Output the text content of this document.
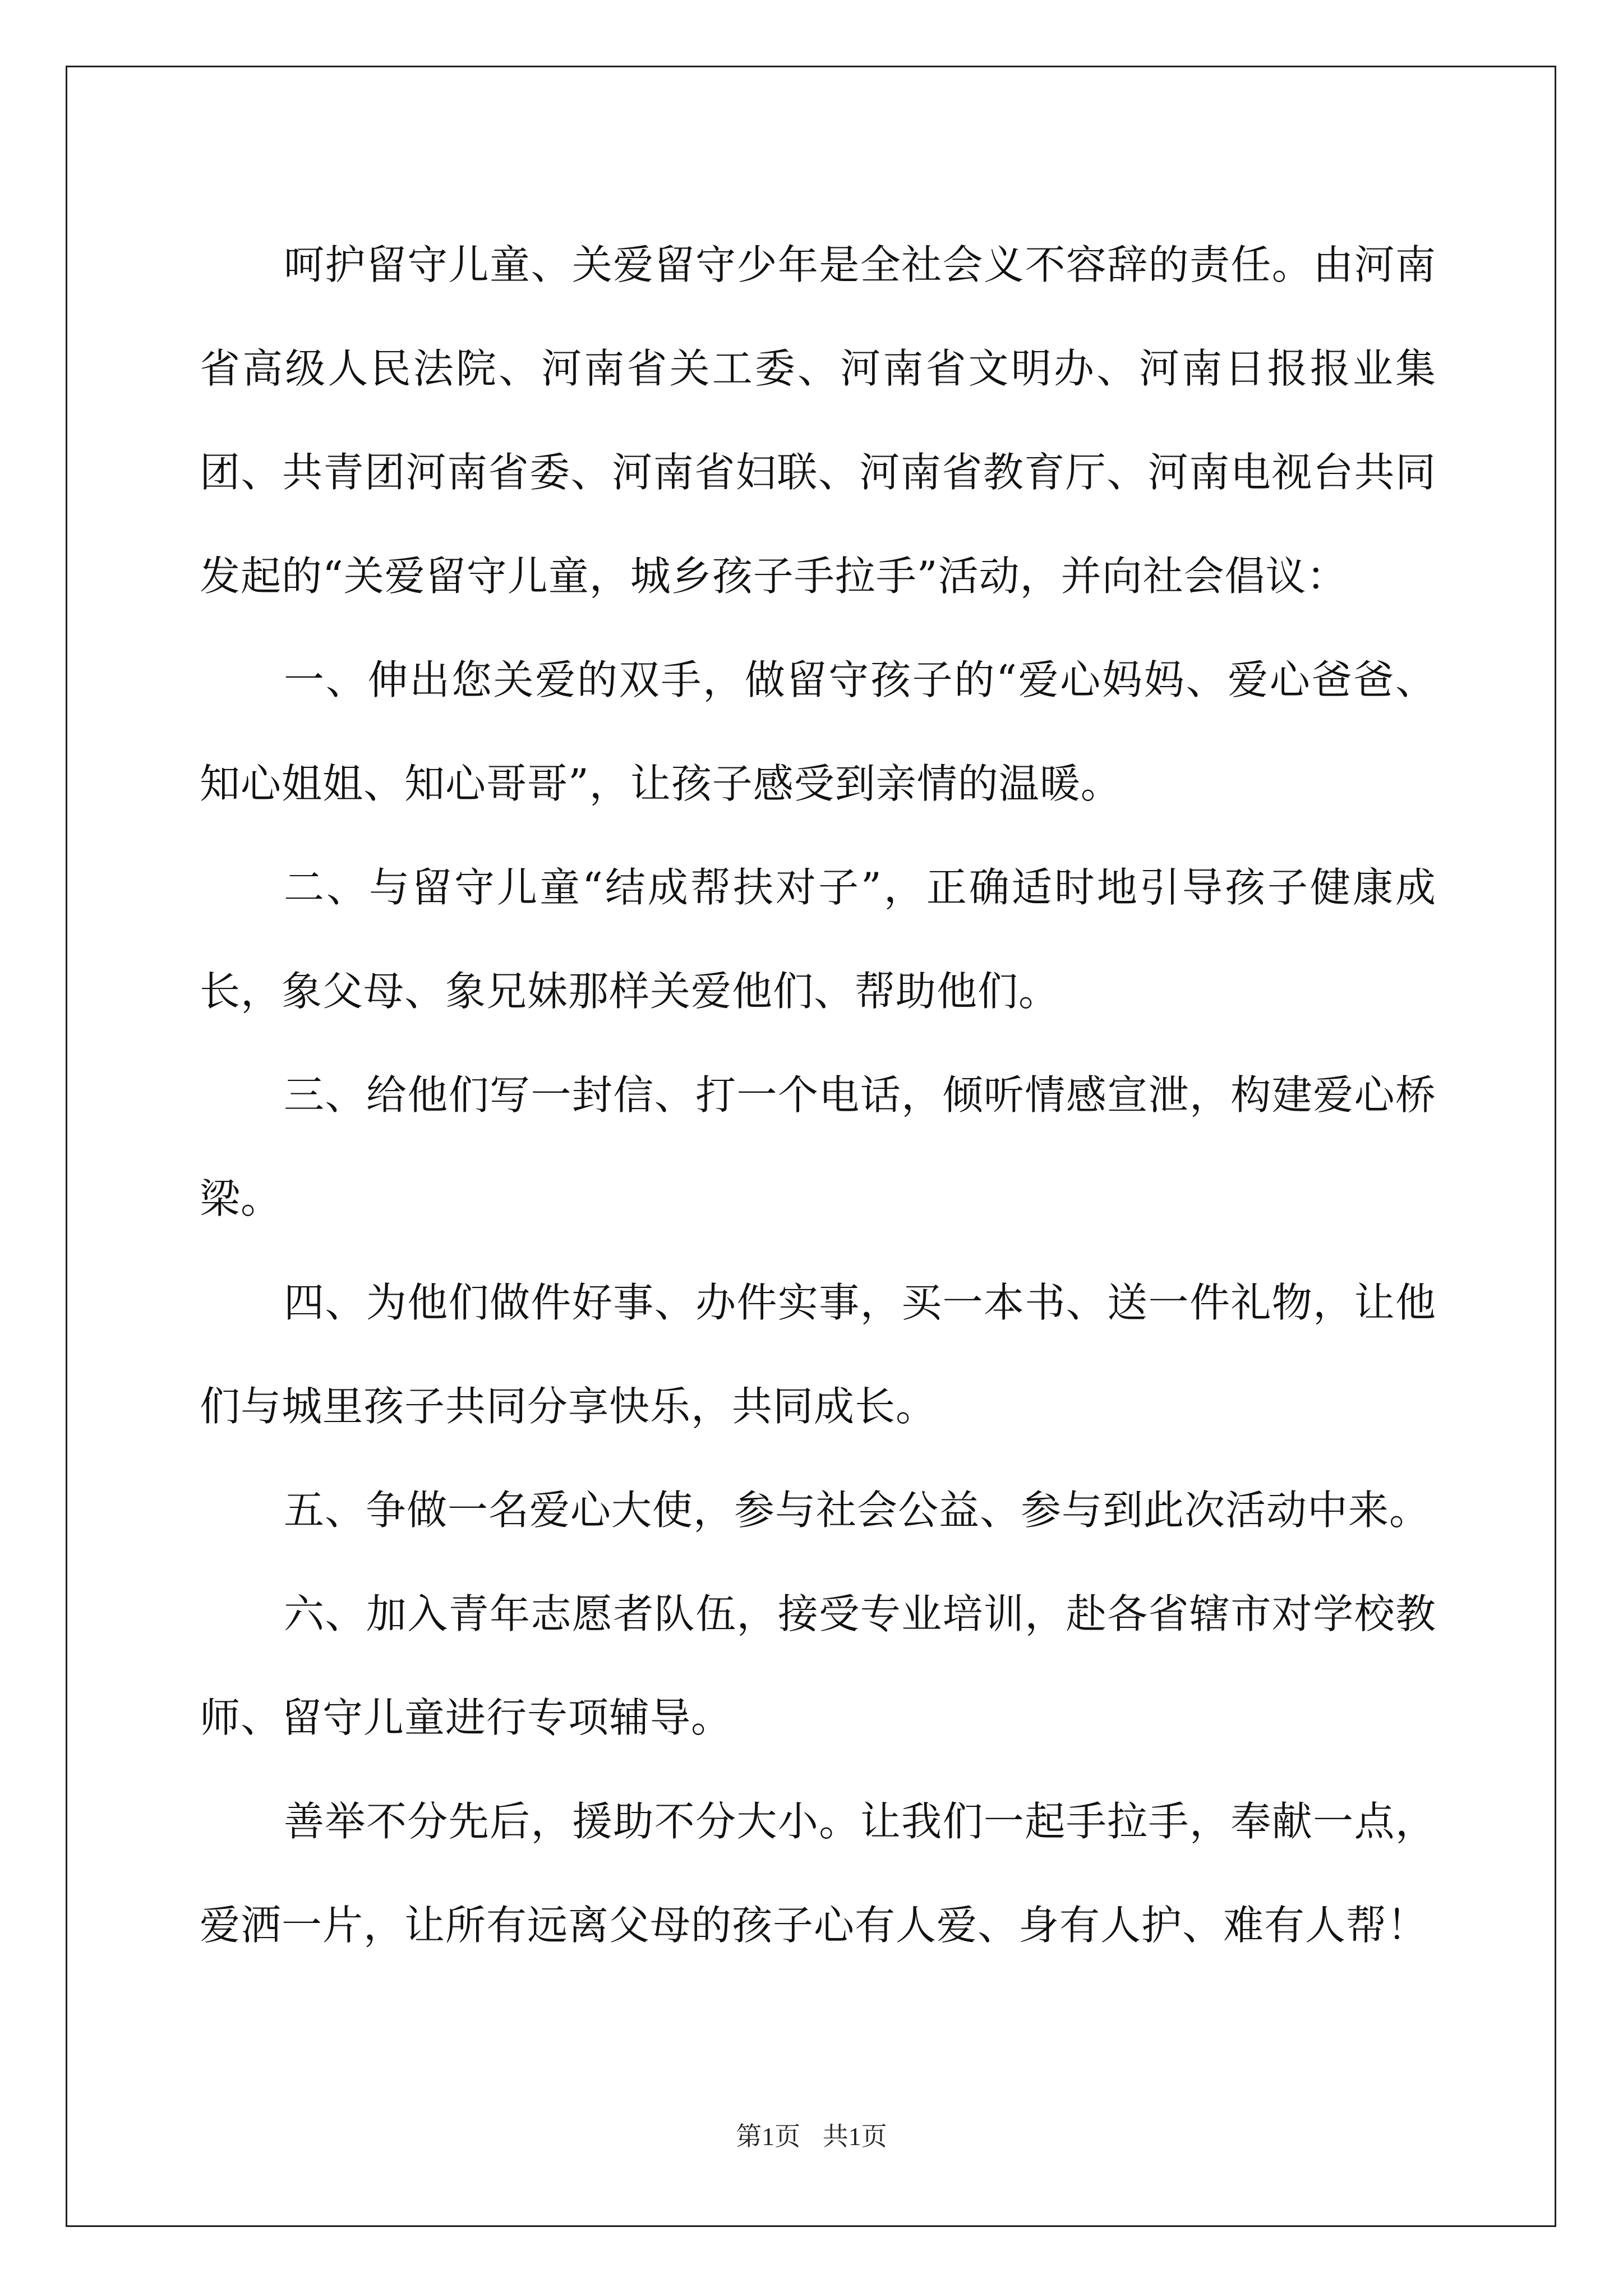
呵护留守儿童、关爱留守少年是全社会义不容辞的责任。由河南省高级人民法院、河南省关工委、河南省文明办、河南日报报业集团、共青团河南省委、河南省妇联、河南省教育厅、河南电视台共同发起的“关爱留守儿童，城乡孩子手拉手”活动，并向社会倡议：

一、伸出您关爱的双手，做留守孩子的“爱心妈妈、爱心爸爸、知心姐姐、知心哥哥”，让孩子感受到亲情的温暖。

二、与留守儿童“结成帮扶对子”，正确适时地引导孩子健康成长，象父母、象兄妹那样关爱他们、帮助他们。

三、给他们写一封信、打一个电话，倾听情感宣泄，构建爱心桥梁。

四、为他们做件好事、办件实事，买一本书、送一件礼物，让他们与城里孩子共同分享快乐，共同成长。

五、争做一名爱心大使，参与社会公益、参与到此次活动中来。

六、加入青年志愿者队伍，接受专业培训，赴各省辖市对学校教师、留守儿童进行专项辅导。

善举不分先后，援助不分大小。让我们一起手拉手，奉献一点，爱洒一片，让所有远离父母的孩子心有人爱、身有人护、难有人帮！

第1页 共1页
